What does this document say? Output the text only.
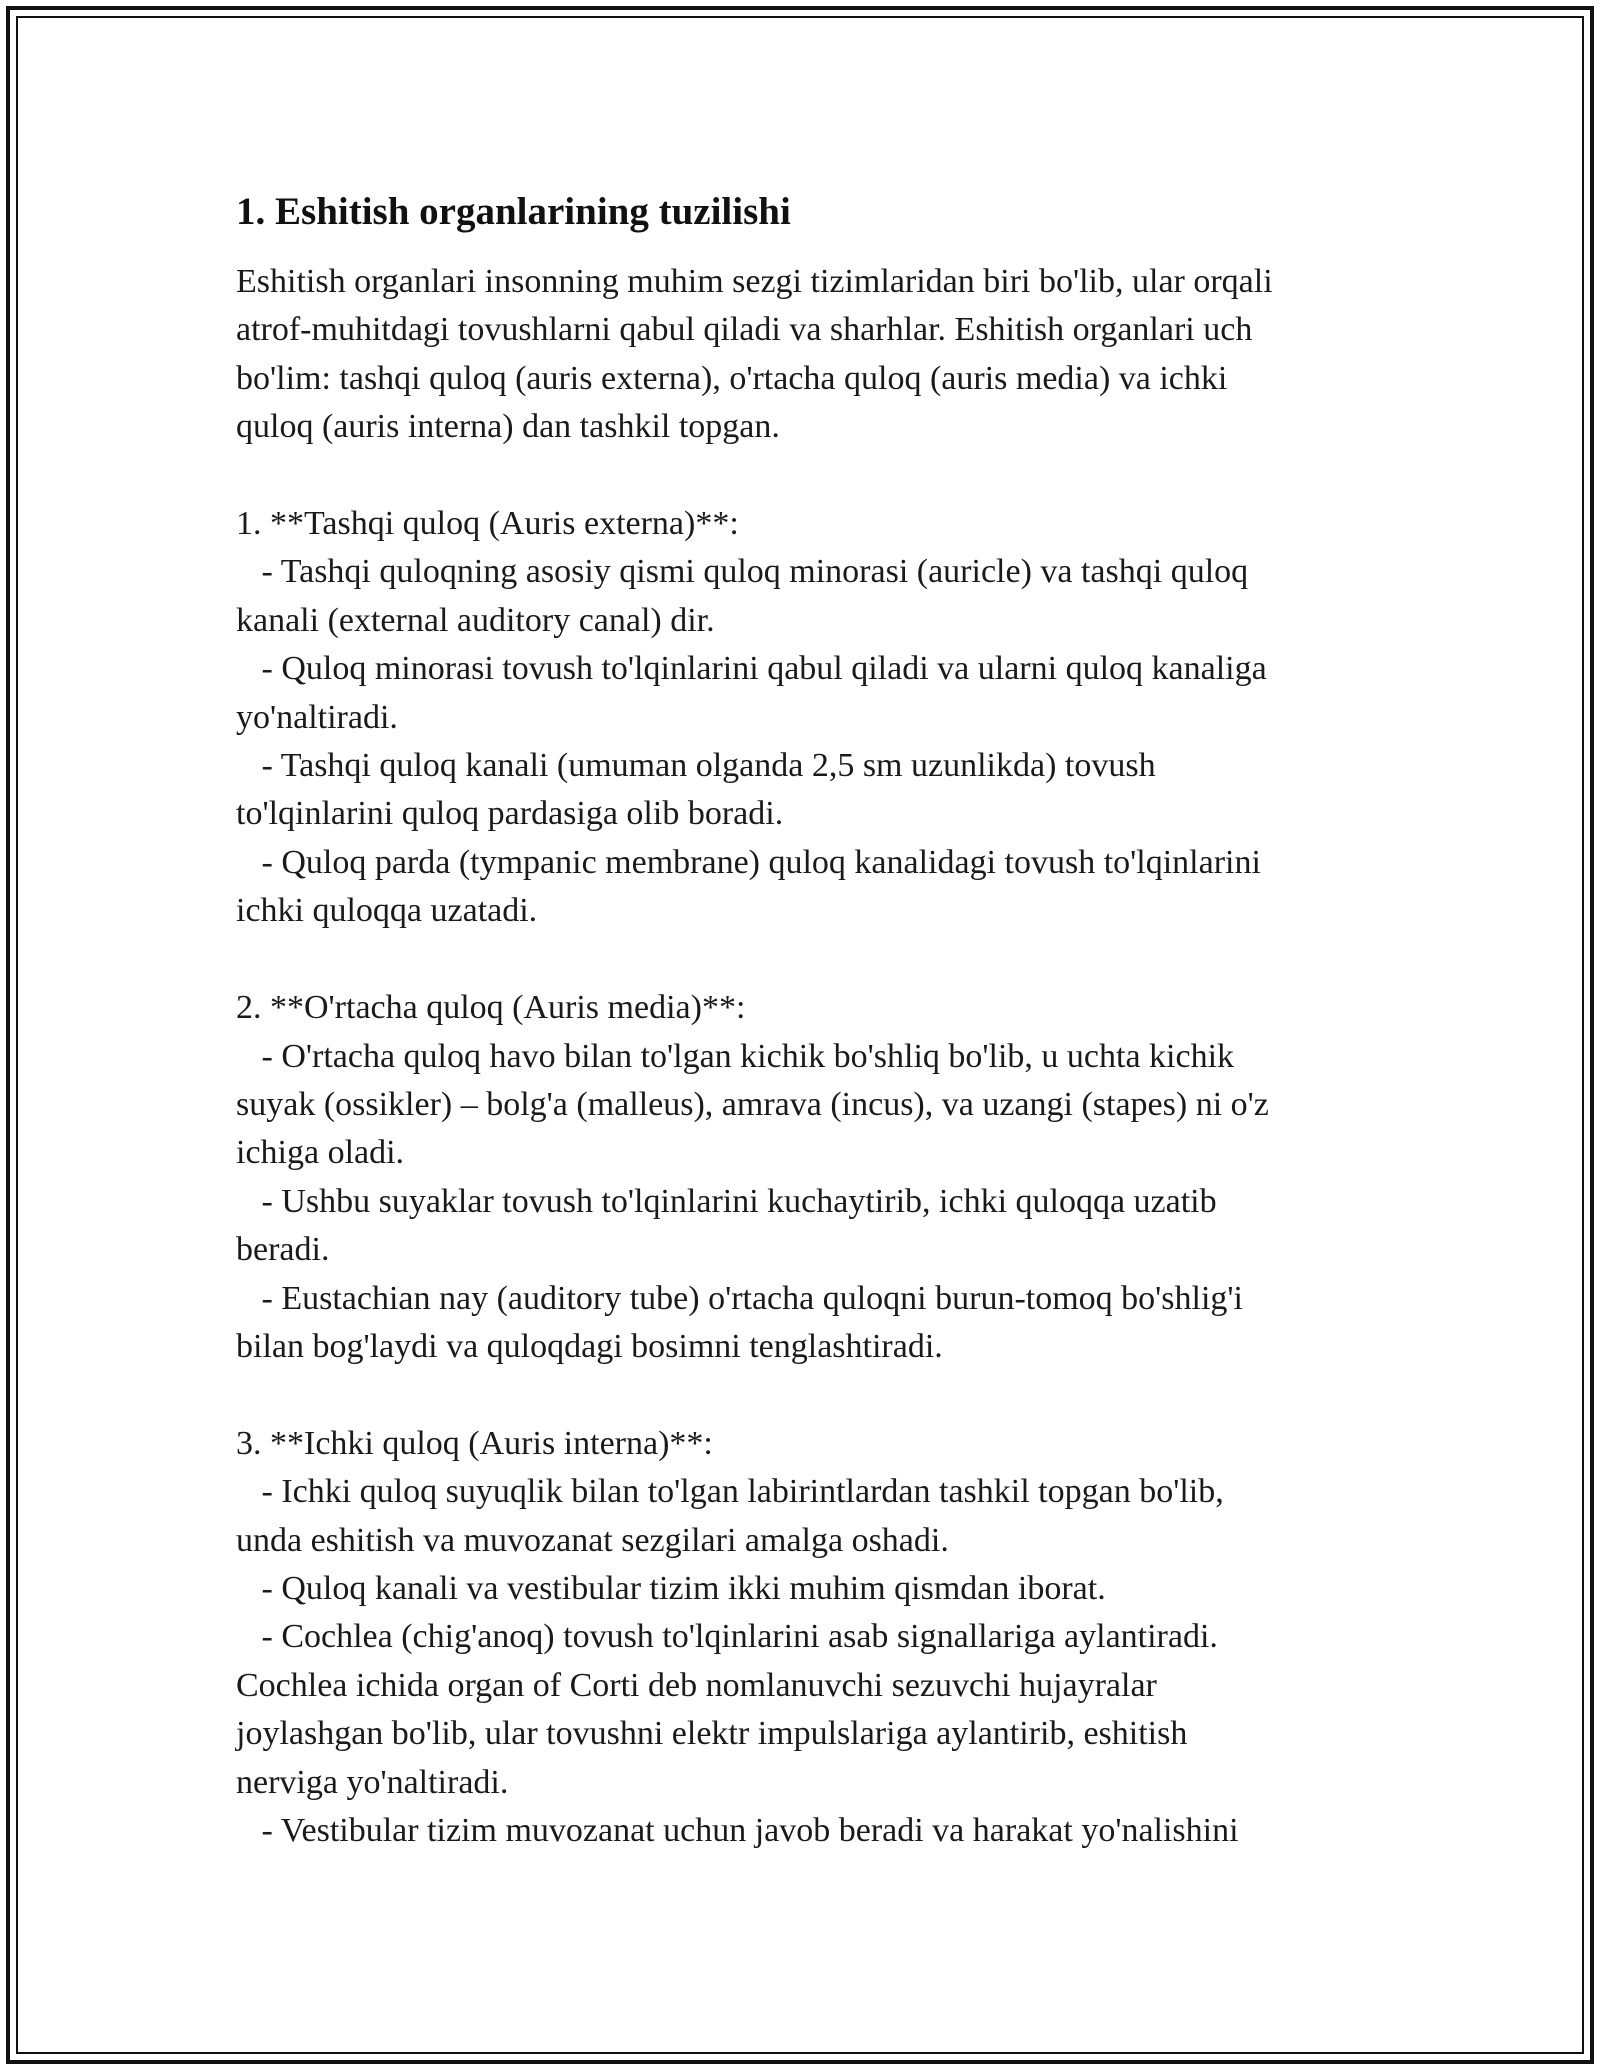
1. Eshitish organlarining tuzilishi

Eshitish organlari insonning muhim sezgi tizimlaridan biri bo'lib, ular orqali
atrof-muhitdagi tovushlarni qabul qiladi va sharhlar. Eshitish organlari uch
bo'lim: tashqi quloq (auris externa), o'rtacha quloq (auris media) va ichki
quloq (auris interna) dan tashkil topgan.

1. **Tashqi quloq (Auris externa)**:
- Tashqi quloqning asosiy qismi quloq minorasi (auricle) va tashqi quloq
kanali (external auditory canal) dir.
- Quloq minorasi tovush to'lqinlarini qabul qiladi va ularni quloq kanaliga
yo'naltiradi.
- Tashqi quloq kanali (umuman olganda 2,5 sm uzunlikda) tovush
to'lqinlarini quloq pardasiga olib boradi.
- Quloq parda (tympanic membrane) quloq kanalidagi tovush to'lqinlarini
ichki quloqqa uzatadi.

2. **O'rtacha quloq (Auris media)**:
- O'rtacha quloq havo bilan to'lgan kichik bo'shliq bo'lib, u uchta kichik
suyak (ossikler) – bolg'a (malleus), amrava (incus), va uzangi (stapes) ni o'z
ichiga oladi.
- Ushbu suyaklar tovush to'lqinlarini kuchaytirib, ichki quloqqa uzatib
beradi.
- Eustachian nay (auditory tube) o'rtacha quloqni burun-tomoq bo'shlig'i
bilan bog'laydi va quloqdagi bosimni tenglashtiradi.

3. **Ichki quloq (Auris interna)**:
- Ichki quloq suyuqlik bilan to'lgan labirintlardan tashkil topgan bo'lib,
unda eshitish va muvozanat sezgilari amalga oshadi.
- Quloq kanali va vestibular tizim ikki muhim qismdan iborat.
- Cochlea (chig'anoq) tovush to'lqinlarini asab signallariga aylantiradi.
Cochlea ichida organ of Corti deb nomlanuvchi sezuvchi hujayralar
joylashgan bo'lib, ular tovushni elektr impulslariga aylantirib, eshitish
nerviga yo'naltiradi.
- Vestibular tizim muvozanat uchun javob beradi va harakat yo'nalishini
